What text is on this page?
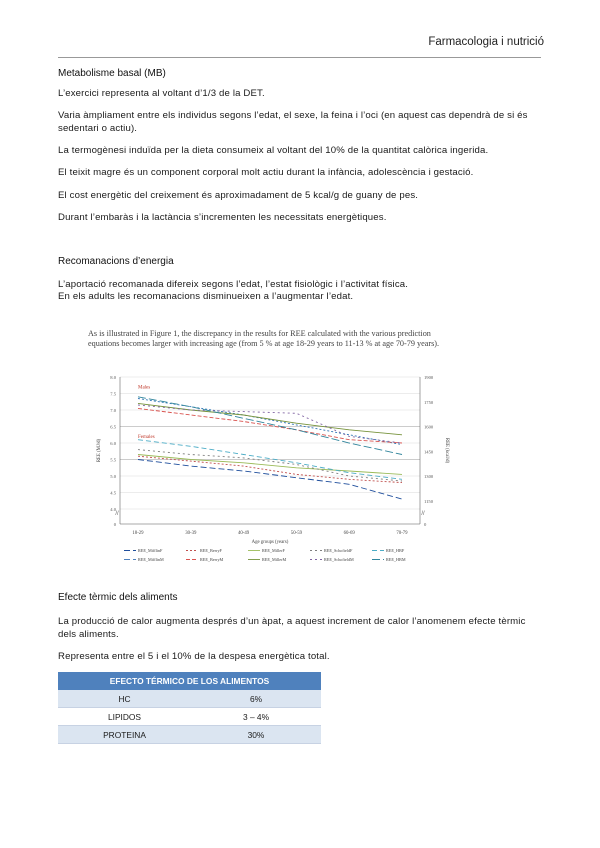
Farmacologia i nutrició
Metabolisme basal (MB)
L’exercici representa al voltant d’1/3 de la DET.
Varia àmpliament entre els individus segons l’edat, el sexe, la feina i l’oci (en aquest cas dependrà de si és sedentari o actiu).
La termogènesi induïda per la dieta consumeix al voltant del 10% de la quantitat calòrica ingerida.
El teixit magre és un component corporal molt actiu durant la infància, adolescència i gestació.
El cost energètic del creixement és aproximadament de 5 kcal/g de guany de pes.
Durant l’embaràs i la lactància s’incrementen les necessitats energètiques.
Recomanacions d’energia
L’aportació recomanada difereix segons l’edat, l’estat fisiològic i l’activitat física.
En els adults les recomanacions disminueixen a l’augmentar l’edat.
As is illustrated in Figure 1, the discrepancy in the results for REE calculated with the various prediction equations becomes larger with increasing age (from 5 % at age 18-29 years to 11-13 % at age 70-79 years).
8.0
7.5
7.0
6.5
6.0
5.5
5.0
4.5
4.0
0
1900
1750
1600
1450
1300
1150
0
//	//
18-29	30-39	40-49	50-59	60-69	70-79
Age groups (years)
REE (MJ/d)	REE (kcal/d)
Males
Females
REE_MifflinF	REE_BerryF	REE_MillerF	REE_SchofieldF	REE_HBF
REE_MifflinM	REE_BerryM	REE_MillerM	REE_SchofieldM	REE_HBM
Efecte tèrmic dels aliments
La producció de calor augmenta després d’un àpat, a aquest increment de calor l’anomenem efecte tèrmic dels aliments.
Representa entre el 5 i el 10% de la despesa energètica total.
EFECTO TÉRMICO DE LOS ALIMENTOS	
HC	6%
LIPIDOS	3 – 4%
PROTEINA	30%
